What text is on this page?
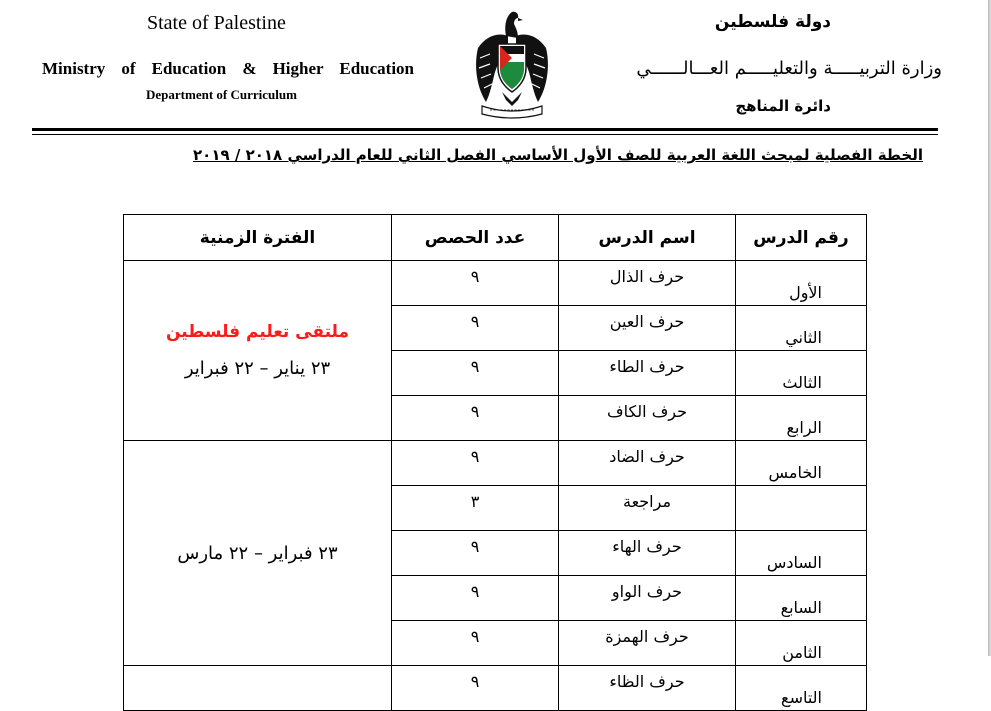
State of Palestine
Ministry of Education & Higher Education
Department of Curriculum
دولة فلسطين
وزارة التربيـــــة والتعليـــــم العـــالــــــي
دائرة المناهج
الخطة الفصلية لمبحث اللغة العربية للصف الأول الأساسي الفصل الثاني للعام الدراسي ٢٠١٨ / ٢٠١٩
رقم الدرس	اسم الدرس	عدد الحصص	الفترة الزمنية
الأول	حرف الذال	٩	ملتقى تعليم فلسطين
٢٣ يناير – ٢٢ فبراير

الثاني	حرف العين	٩	
الثالث	حرف الطاء	٩	
الرابع	حرف الكاف	٩	
الخامس	حرف الضاد	٩	٢٣ فبراير – ٢٢ مارس

	مراجعة	٣	
السادس	حرف الهاء	٩	
السابع	حرف الواو	٩	
الثامن	حرف الهمزة	٩	
التاسع	حرف الظاء	٩	
